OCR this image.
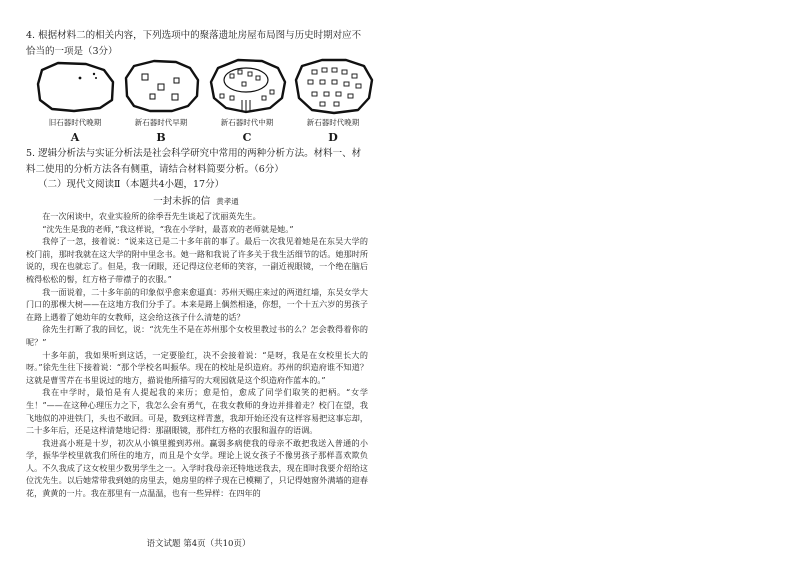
4. 根据材料二的相关内容，下列选项中的聚落遗址房屋布局图与历史时期对应不恰当的一项是（3分）
旧石器时代晚期
A
新石器时代早期
B
新石器时代中期
C
新石器时代晚期
D
5. 逻辑分析法与实证分析法是社会科学研究中常用的两种分析方法。材料一、材料二使用的分析方法各有侧重，请结合材料简要分析。（6分）
（二）现代文阅读Ⅱ（本题共4小题，17分）
一封未拆的信 黄孝通

在一次闲谈中，农业实验所的徐季吾先生谈起了沈丽英先生。

“沈先生是我的老师，”我这样说，“我在小学时，最喜欢的老师就是她。”

我停了一忽，接着说：“说来这已是二十多年前的事了。最后一次我见着她是在东吴大学的校门前，那时我就在这大学的附中里念书。她一路和我说了许多关于我生活细节的话。她那时所说的，现在也就忘了。但是，我一闭眼，还记得这位老师的笑容，一副近视眼镜，一个绝在脑后梳得松松的髻，红方格子带襟子的衣服。”

我一面说着，二十多年前的印象似乎愈来愈逼真：苏州天赐庄来过的两道红墙，东吴女学大门口的那棵大树——在这地方我们分手了。本来是路上偶然相逢，你想，一个十五六岁的男孩子在路上遇着了她幼年的女教师，这会给这孩子什么清楚的话？

徐先生打断了我的回忆，说：“沈先生不是在苏州那个女校里教过书的么？怎会教得着你的呢？”

十多年前，我如果听到这话，一定要脸红，决不会接着说：“是呀，我是在女校里长大的呀。”徐先生往下接着说：“那个学校名叫振华。现在的校址是织造府。苏州的织造府谁不知道？这就是曹雪芹在书里说过的地方，描说他所描写的大观园就是这个织造府作蓝本的。”

我在中学时，最怕是有人提起我的来历；愈是怕，愈成了同学们取笑的把柄。“女学生！”——在这种心理压力之下，我怎么会有勇气，在我女教师的身边并排着走？校门在望，我飞地似的冲进铁门，头也不敢回。可是，数到这样青葱，我却开始还没有这样容易把这事忘却，二十多年后，还是这样清楚地记得：那副眼镜，那件红方格的衣服和温存的语调。

我进高小班是十岁，初次从小镇里搬到苏州。赢弱多病使我的母亲不敢把我送入普通的小学，振华学校里就我们所住的地方，而且是个女学。理论上说女孩子不像男孩子那样喜欢欺负人。不久我成了这女校里少数男学生之一。入学时我母亲还特地送我去，现在即时我要介绍给这位沈先生。以后她常带我到她的房里去，她房里的样子现在已模糊了，只记得她窗外满墙的迎春花，黄黄的一片。我在那里有一点温温，也有一些异样：在四年的

语文试题 第4页（共10页）
